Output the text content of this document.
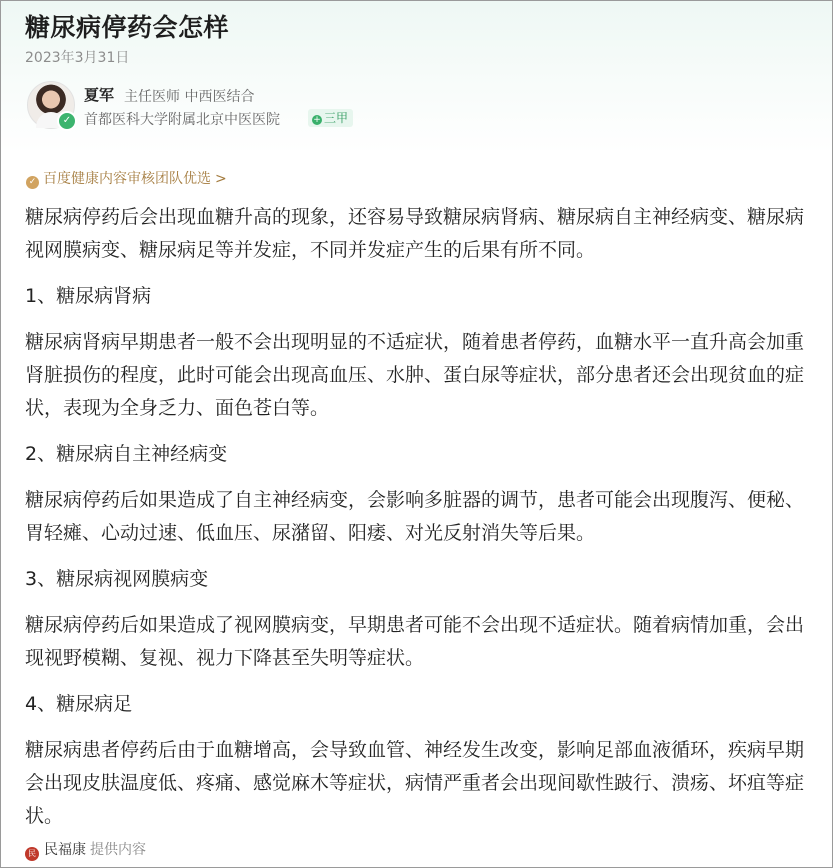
糖尿病停药会怎样
2023年3月31日
✓
夏军 主任医师 中西医结合
首都医科大学附属北京中医医院	+ 三甲
✓ 百度健康内容审核团队优选 >

糖尿病停药后会出现血糖升高的现象，还容易导致糖尿病肾病、糖尿病自主神经病变、糖尿病视网膜病变、糖尿病足等并发症，不同并发症产生的后果有所不同。

1、糖尿病肾病

糖尿病肾病早期患者一般不会出现明显的不适症状，随着患者停药，血糖水平一直升高会加重肾脏损伤的程度，此时可能会出现高血压、水肿、蛋白尿等症状，部分患者还会出现贫血的症状，表现为全身乏力、面色苍白等。

2、糖尿病自主神经病变

糖尿病停药后如果造成了自主神经病变，会影响多脏器的调节，患者可能会出现腹泻、便秘、胃轻瘫、心动过速、低血压、尿潴留、阳痿、对光反射消失等后果。

3、糖尿病视网膜病变

糖尿病停药后如果造成了视网膜病变，早期患者可能不会出现不适症状。随着病情加重，会出现视野模糊、复视、视力下降甚至失明等症状。

4、糖尿病足

糖尿病患者停药后由于血糖增高，会导致血管、神经发生改变，影响足部血液循环，疾病早期会出现皮肤温度低、疼痛、感觉麻木等症状，病情严重者会出现间歇性跛行、溃疡、坏疽等症状。

民 民福康 提供内容
